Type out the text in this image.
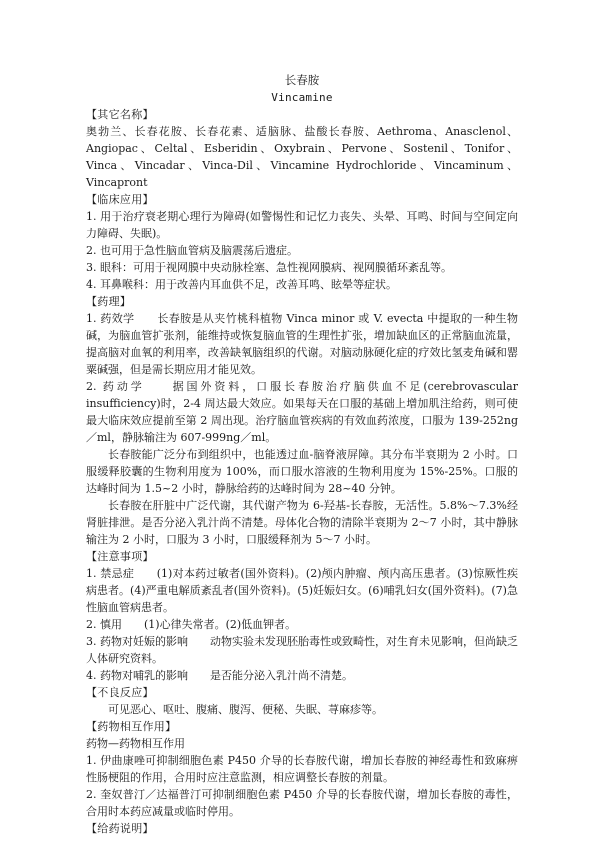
长春胺
Vincamine
【其它名称】

奥勃兰、长春花胺、长春花素、适脑脉、盐酸长春胺、Aethroma、Anasclenol、Angiopac、Celtal、Esberidin、Oxybrain、Pervone、Sostenil、Tonifor、Vinca、Vincadar、Vinca-Dil、Vincamine Hydrochloride、Vincaminum、Vincapront

【临床应用】

1. 用于治疗衰老期心理行为障碍(如警惕性和记忆力丧失、头晕、耳鸣、时间与空间定向力障碍、失眠)。

2. 也可用于急性脑血管病及脑震荡后遗症。

3. 眼科：可用于视网膜中央动脉栓塞、急性视网膜病、视网膜循环紊乱等。

4. 耳鼻喉科：用于改善内耳血供不足，改善耳鸣、眩晕等症状。

【药理】

1. 药效学　　长春胺是从夹竹桃科植物 Vinca minor 或 V. evecta 中提取的一种生物碱，为脑血管扩张剂，能维持或恢复脑血管的生理性扩张，增加缺血区的正常脑血流量，提高脑对血氧的利用率，改善缺氧脑组织的代谢。对脑动脉硬化症的疗效比氢麦角碱和罂粟碱强，但是需长期应用才能见效。

2. 药动学　　据国外资料，口服长春胺治疗脑供血不足(cerebrovascular insufficiency)时，2-4 周达最大效应。如果每天在口服的基础上增加肌注给药，则可使最大临床效应提前至第 2 周出现。治疗脑血管疾病的有效血药浓度，口服为 139-252ng／ml，静脉输注为 607-999ng／ml。

长春胺能广泛分布到组织中，也能透过血-脑脊液屏障。其分布半衰期为 2 小时。口服缓释胶囊的生物利用度为 100%，而口服水溶液的生物利用度为 15%-25%。口服的达峰时间为 1.5~2 小时，静脉给药的达峰时间为 28~40 分钟。

长春胺在肝脏中广泛代谢，其代谢产物为 6-羟基-长春胺，无活性。5.8%～7.3%经肾脏排泄。是否分泌入乳汁尚不清楚。母体化合物的清除半衰期为 2～7 小时，其中静脉输注为 2 小时，口服为 3 小时，口服缓释剂为 5～7 小时。

【注意事项】

1. 禁忌症　　(1)对本药过敏者(国外资料)。(2)颅内肿瘤、颅内高压患者。(3)惊厥性疾病患者。(4)严重电解质紊乱者(国外资料)。(5)妊娠妇女。(6)哺乳妇女(国外资料)。(7)急性脑血管病患者。

2. 慎用　　(1)心律失常者。(2)低血钾者。

3. 药物对妊娠的影响　　动物实验未发现胚胎毒性或致畸性，对生育未见影响，但尚缺乏人体研究资料。

4. 药物对哺乳的影响　　是否能分泌入乳汁尚不清楚。

【不良反应】

可见恶心、呕吐、腹痛、腹泻、便秘、失眠、荨麻疹等。

【药物相互作用】

药物—药物相互作用

1. 伊曲康唑可抑制细胞色素 P450 介导的长春胺代谢，增加长春胺的神经毒性和致麻痹性肠梗阻的作用，合用时应注意监测，相应调整长春胺的剂量。

2. 奎奴普汀／达福普汀可抑制细胞色素 P450 介导的长春胺代谢，增加长春胺的毒性，合用时本药应减量或临时停用。

【给药说明】
